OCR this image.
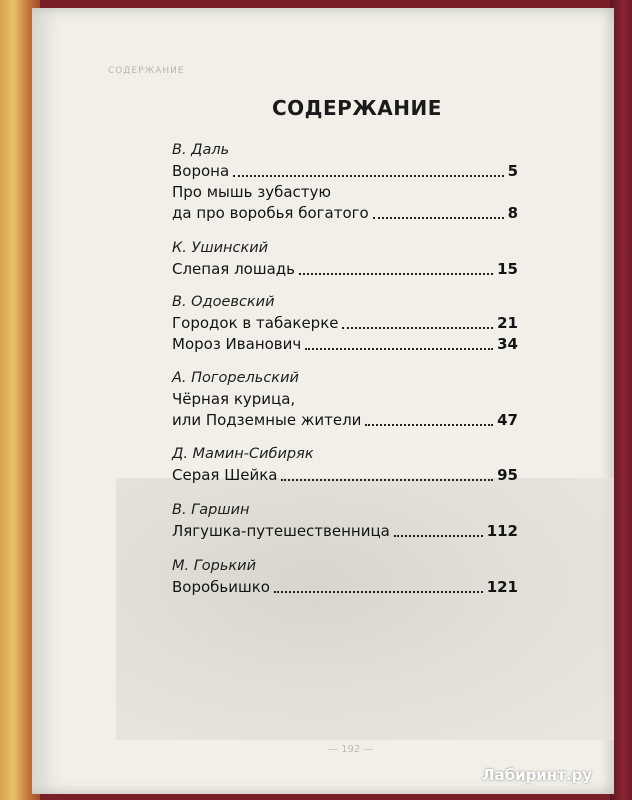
СОДЕРЖАНИЕ
— 192 —
СОДЕРЖАНИЕ
В. Даль
Ворона	5
Про мышь зубастую
да про воробья богатого	8
К. Ушинский
Слепая лошадь	15
В. Одоевский
Городок в табакерке	21
Мороз Иванович	34
А. Погорельский
Чёрная курица,
или Подземные жители	47
Д. Мамин-Сибиряк
Серая Шейка	95
В. Гаршин
Лягушка-путешественница	112
М. Горький
Воробьишко	121
Лабиринт.ру
